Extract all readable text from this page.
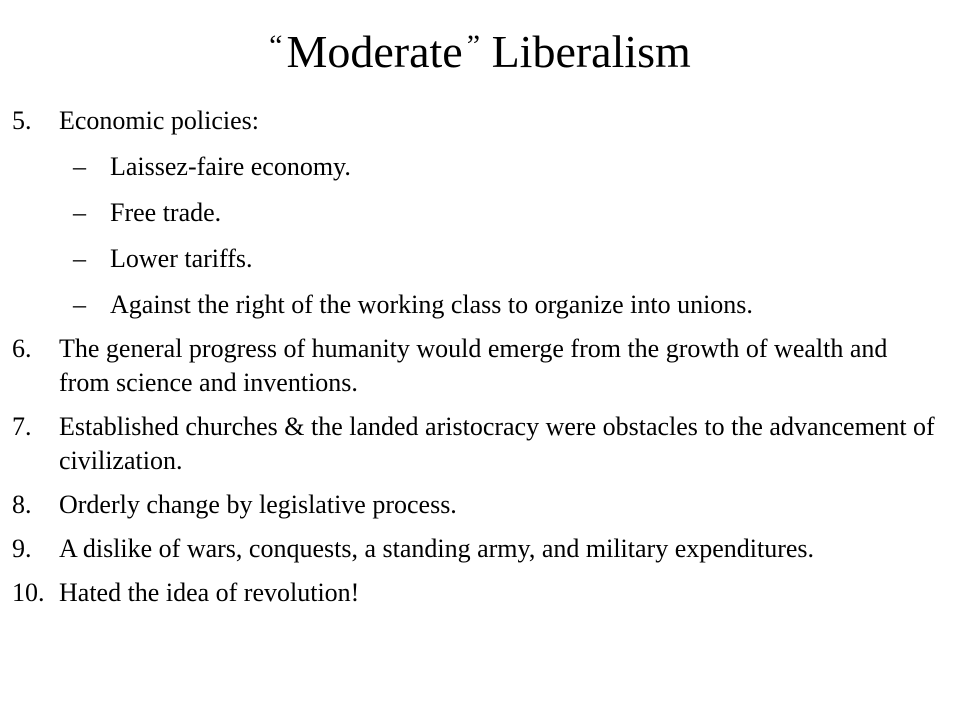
“Moderate ” Liberalism
5. Economic policies:
– Laissez-faire economy.
– Free trade.
– Lower tariffs.
– Against the right of the working class to organize into unions.
6. The general progress of humanity would emerge from the growth of wealth and from science and inventions.
7. Established churches & the landed aristocracy were obstacles to the advancement of civilization.
8. Orderly change by legislative process.
9. A dislike of wars, conquests, a standing army, and military expenditures.
10. Hated the idea of revolution!
